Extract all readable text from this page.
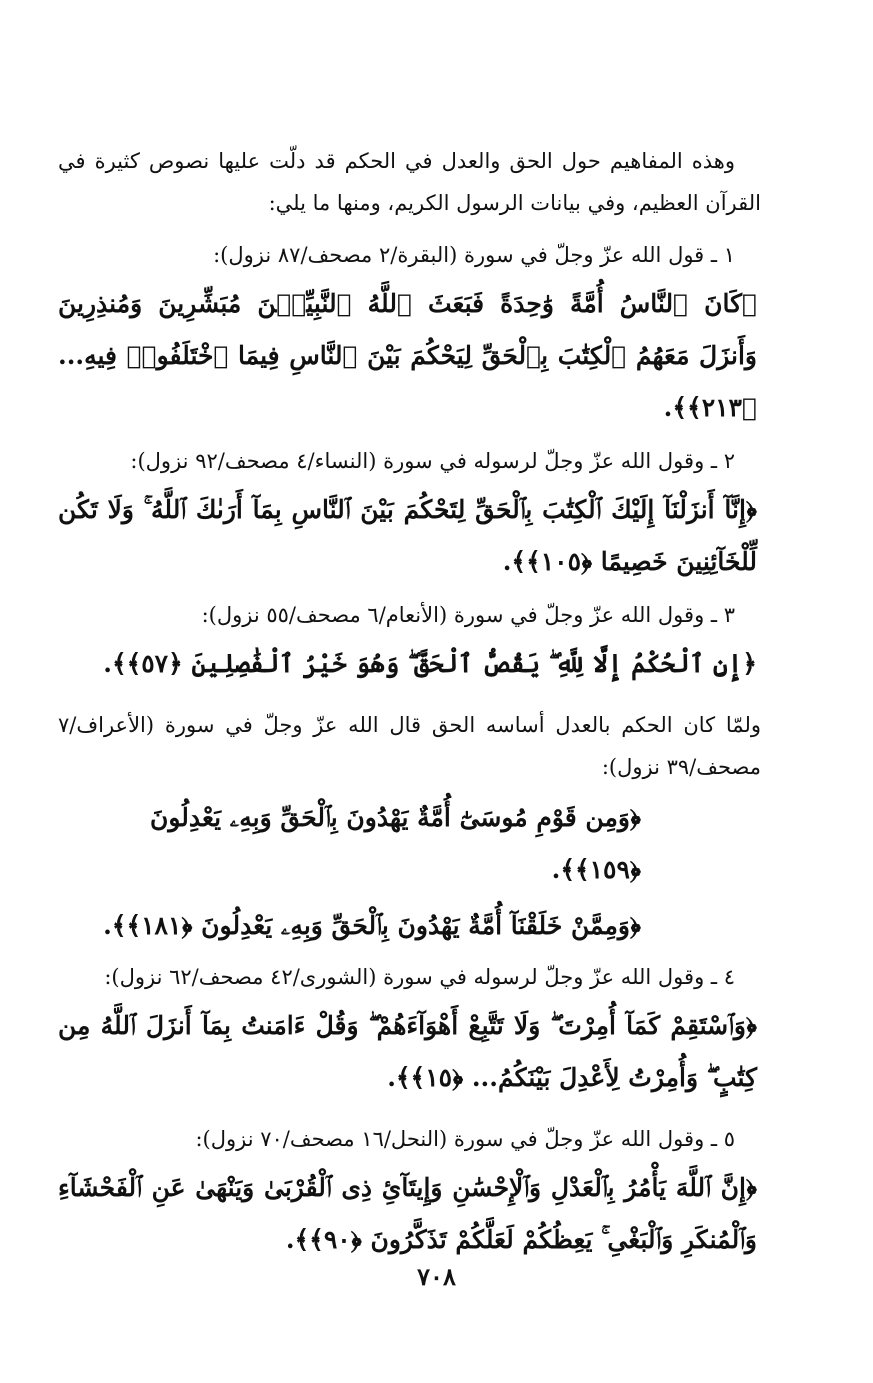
وهذه المفاهيم حول الحق والعدل في الحكم قد دلّت عليها نصوص كثيرة في القرآن العظيم، وفي بيانات الرسول الكريم، ومنها ما يلي:

١ ـ قول الله عزّ وجلّ في سورة (البقرة/٢ مصحف/٨٧ نزول):

﴿كَانَ ٱلنَّاسُ أُمَّةً وَٰحِدَةً فَبَعَثَ ٱللَّهُ ٱلنَّبِيِّـۧنَ مُبَشِّرِينَ وَمُنذِرِينَ وَأَنزَلَ مَعَهُمُ ٱلْكِتَٰبَ بِٱلْحَقِّ لِيَحْكُمَ بَيْنَ ٱلنَّاسِ فِيمَا ٱخْتَلَفُوا۟ فِيهِ... ﴿٢١٣﴾﴾.

٢ ـ وقول الله عزّ وجلّ لرسوله في سورة (النساء/٤ مصحف/٩٢ نزول):

﴿إِنَّآ أَنزَلْنَآ إِلَيْكَ ٱلْكِتَٰبَ بِٱلْحَقِّ لِتَحْكُمَ بَيْنَ ٱلنَّاسِ بِمَآ أَرَىٰكَ ٱللَّهُ ۚ وَلَا تَكُن لِّلْخَآئِنِينَ خَصِيمًا ﴿١٠٥﴾﴾.

٣ ـ وقول الله عزّ وجلّ في سورة (الأنعام/٦ مصحف/٥٥ نزول):

﴿إِنِ ٱلْحُكْمُ إِلَّا لِلَّهِ ۖ يَقُصُّ ٱلْحَقَّ ۖ وَهُوَ خَيْرُ ٱلْفَٰصِلِينَ ﴿٥٧﴾﴾.

ولمّا كان الحكم بالعدل أساسه الحق قال الله عزّ وجلّ في سورة (الأعراف/٧ مصحف/٣٩ نزول):

﴿وَمِن قَوْمِ مُوسَىٰٓ أُمَّةٌ يَهْدُونَ بِٱلْحَقِّ وَبِهِۦ يَعْدِلُونَ ﴿١٥٩﴾﴾.

﴿وَمِمَّنْ خَلَقْنَآ أُمَّةٌ يَهْدُونَ بِٱلْحَقِّ وَبِهِۦ يَعْدِلُونَ ﴿١٨١﴾﴾.

٤ ـ وقول الله عزّ وجلّ لرسوله في سورة (الشورى/٤٢ مصحف/٦٢ نزول):

﴿وَٱسْتَقِمْ كَمَآ أُمِرْتَ ۖ وَلَا تَتَّبِعْ أَهْوَآءَهُمْ ۖ وَقُلْ ءَامَنتُ بِمَآ أَنزَلَ ٱللَّهُ مِن كِتَٰبٍ ۖ وَأُمِرْتُ لِأَعْدِلَ بَيْنَكُمُ... ﴿١٥﴾﴾.

٥ ـ وقول الله عزّ وجلّ في سورة (النحل/١٦ مصحف/٧٠ نزول):

﴿إِنَّ ٱللَّهَ يَأْمُرُ بِٱلْعَدْلِ وَٱلْإِحْسَٰنِ وَإِيتَآئِ ذِى ٱلْقُرْبَىٰ وَيَنْهَىٰ عَنِ ٱلْفَحْشَآءِ وَٱلْمُنكَرِ وَٱلْبَغْىِ ۚ يَعِظُكُمْ لَعَلَّكُمْ تَذَكَّرُونَ ﴿٩٠﴾﴾.

٧٠٨
